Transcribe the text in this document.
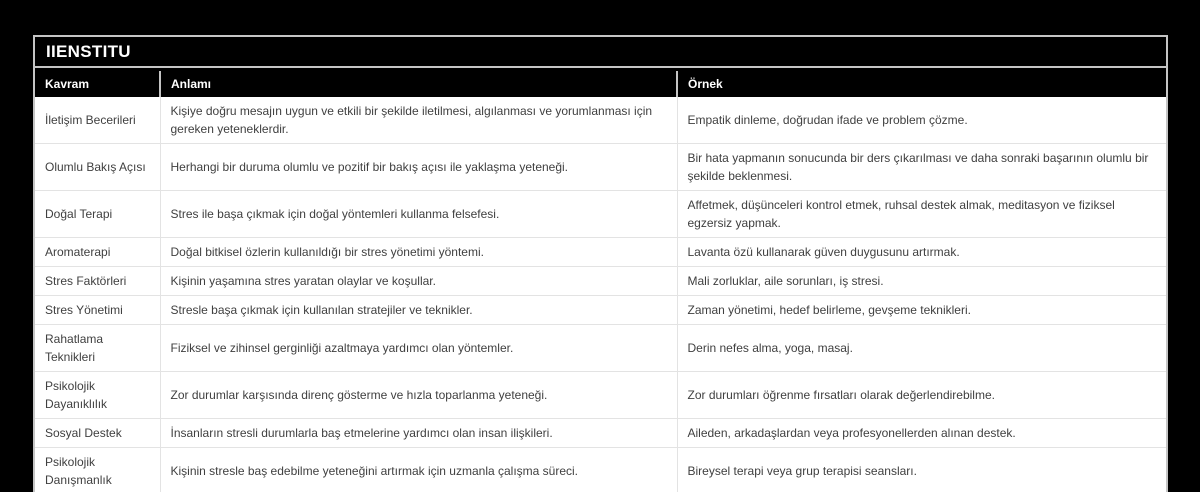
IIENSTITU
Kavram	Anlamı	Örnek
İletişim Becerileri	Kişiye doğru mesajın uygun ve etkili bir şekilde iletilmesi, algılanması ve yorumlanması için gereken yeteneklerdir.	Empatik dinleme, doğrudan ifade ve problem çözme.
Olumlu Bakış Açısı	Herhangi bir duruma olumlu ve pozitif bir bakış açısı ile yaklaşma yeteneği.	Bir hata yapmanın sonucunda bir ders çıkarılması ve daha sonraki başarının olumlu bir şekilde beklenmesi.
Doğal Terapi	Stres ile başa çıkmak için doğal yöntemleri kullanma felsefesi.	Affetmek, düşünceleri kontrol etmek, ruhsal destek almak, meditasyon ve fiziksel egzersiz yapmak.
Aromaterapi	Doğal bitkisel özlerin kullanıldığı bir stres yönetimi yöntemi.	Lavanta özü kullanarak güven duygusunu artırmak.
Stres Faktörleri	Kişinin yaşamına stres yaratan olaylar ve koşullar.	Mali zorluklar, aile sorunları, iş stresi.
Stres Yönetimi	Stresle başa çıkmak için kullanılan stratejiler ve teknikler.	Zaman yönetimi, hedef belirleme, gevşeme teknikleri.
Rahatlama Teknikleri	Fiziksel ve zihinsel gerginliği azaltmaya yardımcı olan yöntemler.	Derin nefes alma, yoga, masaj.
Psikolojik Dayanıklılık	Zor durumlar karşısında direnç gösterme ve hızla toparlanma yeteneği.	Zor durumları öğrenme fırsatları olarak değerlendirebilme.
Sosyal Destek	İnsanların stresli durumlarla baş etmelerine yardımcı olan insan ilişkileri.	Aileden, arkadaşlardan veya profesyonellerden alınan destek.
Psikolojik Danışmanlık	Kişinin stresle baş edebilme yeteneğini artırmak için uzmanla çalışma süreci.	Bireysel terapi veya grup terapisi seansları.
